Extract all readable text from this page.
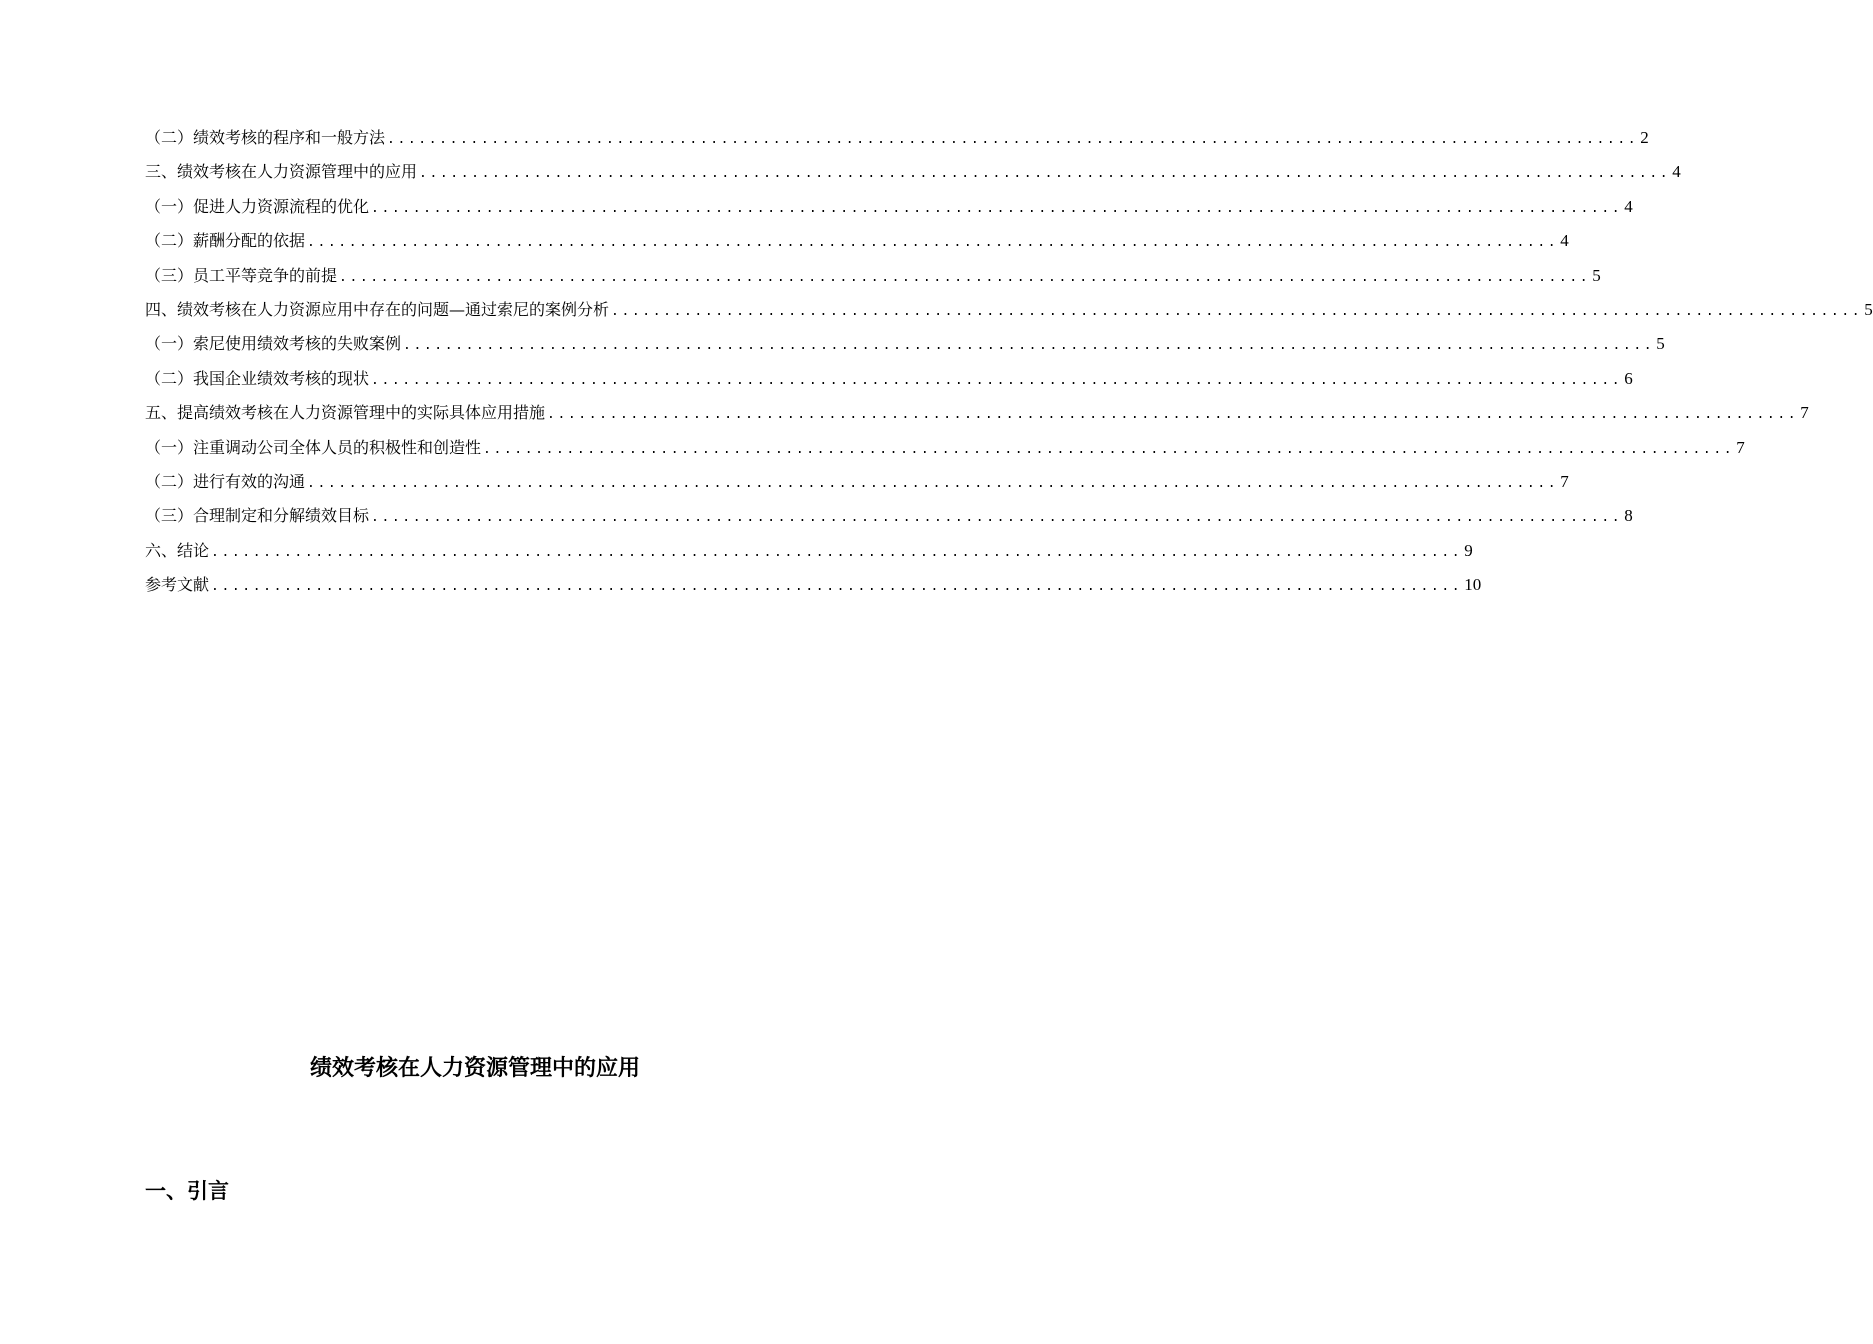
（二）绩效考核的程序和一般方法 ........................................................................................................................ 2
三、绩效考核在人力资源管理中的应用 ........................................................................................................................ 4
（一）促进人力资源流程的优化 ........................................................................................................................ 4
（二）薪酬分配的依据 ........................................................................................................................ 4
（三）员工平等竞争的前提 ........................................................................................................................ 5
四、绩效考核在人力资源应用中存在的问题—通过索尼的案例分析 ........................................................................................................................ 5
（一）索尼使用绩效考核的失败案例 ........................................................................................................................ 5
（二）我国企业绩效考核的现状 ........................................................................................................................ 6
五、提高绩效考核在人力资源管理中的实际具体应用措施 ........................................................................................................................ 7
（一）注重调动公司全体人员的积极性和创造性 ........................................................................................................................ 7
（二）进行有效的沟通 ........................................................................................................................ 7
（三）合理制定和分解绩效目标 ........................................................................................................................ 8
六、结论 ........................................................................................................................ 9
参考文献 ........................................................................................................................ 10
绩效考核在人力资源管理中的应用
一、引言
